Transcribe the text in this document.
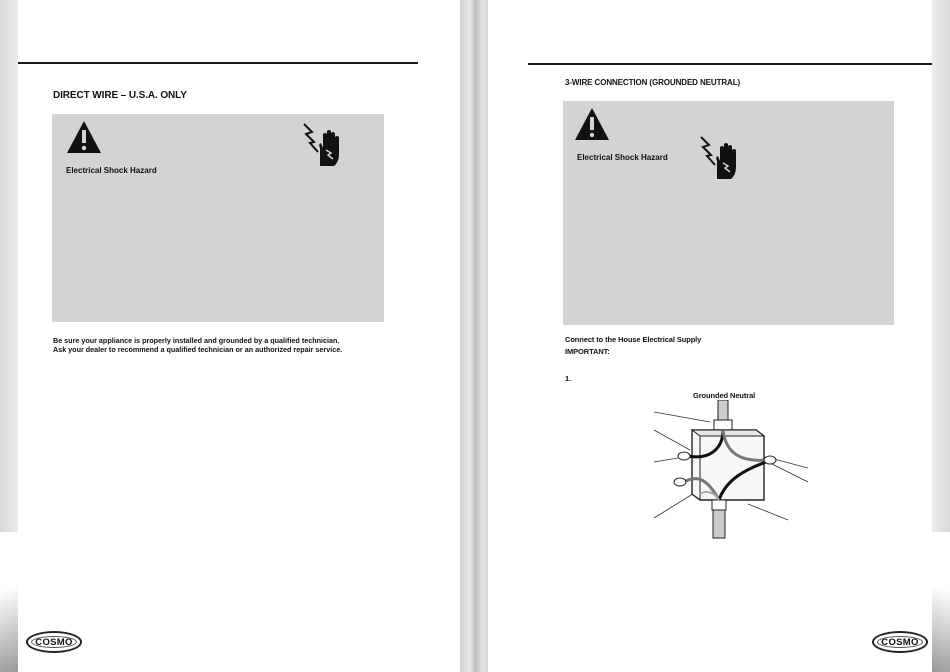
DIRECT WIRE – U.S.A. ONLY
Electrical Shock Hazard
Be sure your appliance is properly installed and grounded by a qualified technician. Ask your dealer to recommend a qualified technician or an authorized repair service.
COSMO
3-WIRE CONNECTION (GROUNDED NEUTRAL)
Electrical Shock Hazard
Connect to the House Electrical Supply
IMPORTANT:
1.
Grounded Neutral
COSMO
